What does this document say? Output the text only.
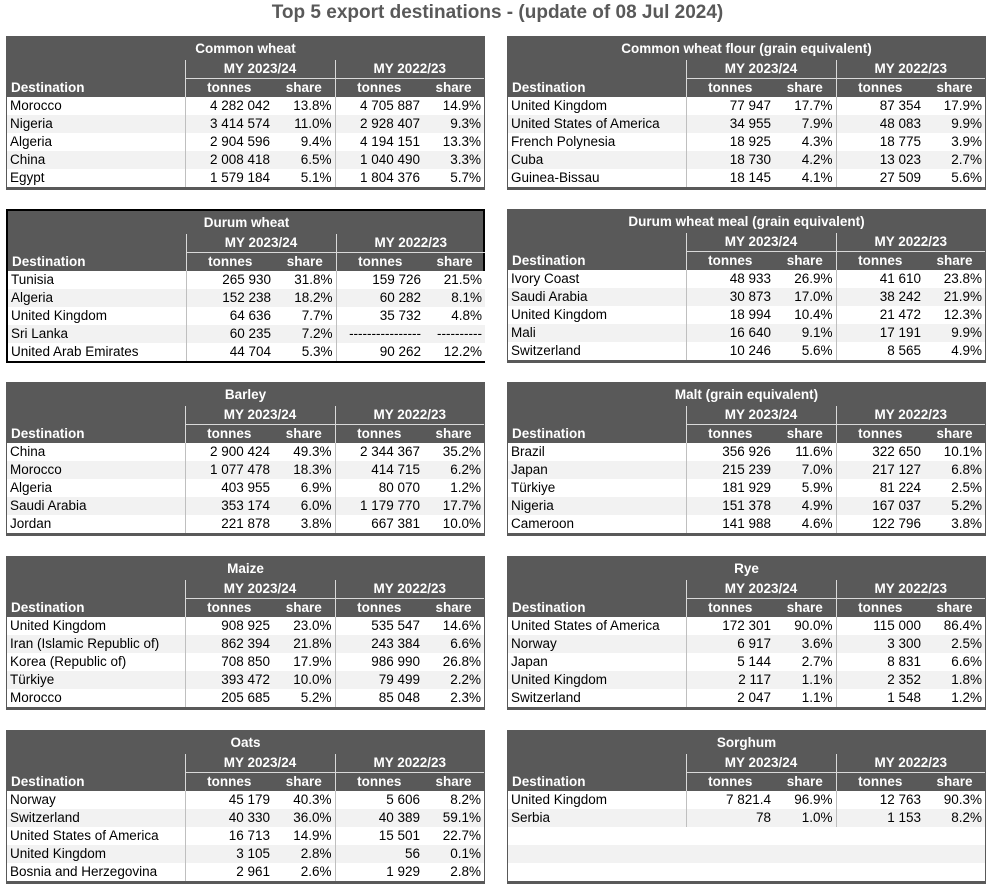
Top 5 export destinations - (update of 08 Jul 2024)
Common wheat				
	MY 2023/24		MY 2022/23	
Destination	tonnes	share	tonnes	share
Morocco	4 282 042	13.8%	4 705 887	14.9%
Nigeria	3 414 574	11.0%	2 928 407	9.3%
Algeria	2 904 596	9.4%	4 194 151	13.3%
China	2 008 418	6.5%	1 040 490	3.3%
Egypt	1 579 184	5.1%	1 804 376	5.7%
Common wheat flour (grain equivalent)				
	MY 2023/24		MY 2022/23	
Destination	tonnes	share	tonnes	share
United Kingdom	77 947	17.7%	87 354	17.9%
United States of America	34 955	7.9%	48 083	9.9%
French Polynesia	18 925	4.3%	18 775	3.9%
Cuba	18 730	4.2%	13 023	2.7%
Guinea-Bissau	18 145	4.1%	27 509	5.6%
Durum wheat				
	MY 2023/24		MY 2022/23	
Destination	tonnes	share	tonnes	share
Tunisia	265 930	31.8%	159 726	21.5%
Algeria	152 238	18.2%	60 282	8.1%
United Kingdom	64 636	7.7%	35 732	4.8%
Sri Lanka	60 235	7.2%	----------------	----------
United Arab Emirates	44 704	5.3%	90 262	12.2%
Durum wheat meal (grain equivalent)				
	MY 2023/24		MY 2022/23	
Destination	tonnes	share	tonnes	share
Ivory Coast	48 933	26.9%	41 610	23.8%
Saudi Arabia	30 873	17.0%	38 242	21.9%
United Kingdom	18 994	10.4%	21 472	12.3%
Mali	16 640	9.1%	17 191	9.9%
Switzerland	10 246	5.6%	8 565	4.9%
Barley				
	MY 2023/24		MY 2022/23	
Destination	tonnes	share	tonnes	share
China	2 900 424	49.3%	2 344 367	35.2%
Morocco	1 077 478	18.3%	414 715	6.2%
Algeria	403 955	6.9%	80 070	1.2%
Saudi Arabia	353 174	6.0%	1 179 770	17.7%
Jordan	221 878	3.8%	667 381	10.0%
Malt (grain equivalent)				
	MY 2023/24		MY 2022/23	
Destination	tonnes	share	tonnes	share
Brazil	356 926	11.6%	322 650	10.1%
Japan	215 239	7.0%	217 127	6.8%
Türkiye	181 929	5.9%	81 224	2.5%
Nigeria	151 378	4.9%	167 037	5.2%
Cameroon	141 988	4.6%	122 796	3.8%
Maize				
	MY 2023/24		MY 2022/23	
Destination	tonnes	share	tonnes	share
United Kingdom	908 925	23.0%	535 547	14.6%
Iran (Islamic Republic of)	862 394	21.8%	243 384	6.6%
Korea (Republic of)	708 850	17.9%	986 990	26.8%
Türkiye	393 472	10.0%	79 499	2.2%
Morocco	205 685	5.2%	85 048	2.3%
Rye				
	MY 2023/24		MY 2022/23	
Destination	tonnes	share	tonnes	share
United States of America	172 301	90.0%	115 000	86.4%
Norway	6 917	3.6%	3 300	2.5%
Japan	5 144	2.7%	8 831	6.6%
United Kingdom	2 117	1.1%	2 352	1.8%
Switzerland	2 047	1.1%	1 548	1.2%
Oats				
	MY 2023/24		MY 2022/23	
Destination	tonnes	share	tonnes	share
Norway	45 179	40.3%	5 606	8.2%
Switzerland	40 330	36.0%	40 389	59.1%
United States of America	16 713	14.9%	15 501	22.7%
United Kingdom	3 105	2.8%	56	0.1%
Bosnia and Herzegovina	2 961	2.6%	1 929	2.8%
Sorghum				
	MY 2023/24		MY 2022/23	
Destination	tonnes	share	tonnes	share
United Kingdom	7 821.4	96.9%	12 763	90.3%
Serbia	78	1.0%	1 153	8.2%
